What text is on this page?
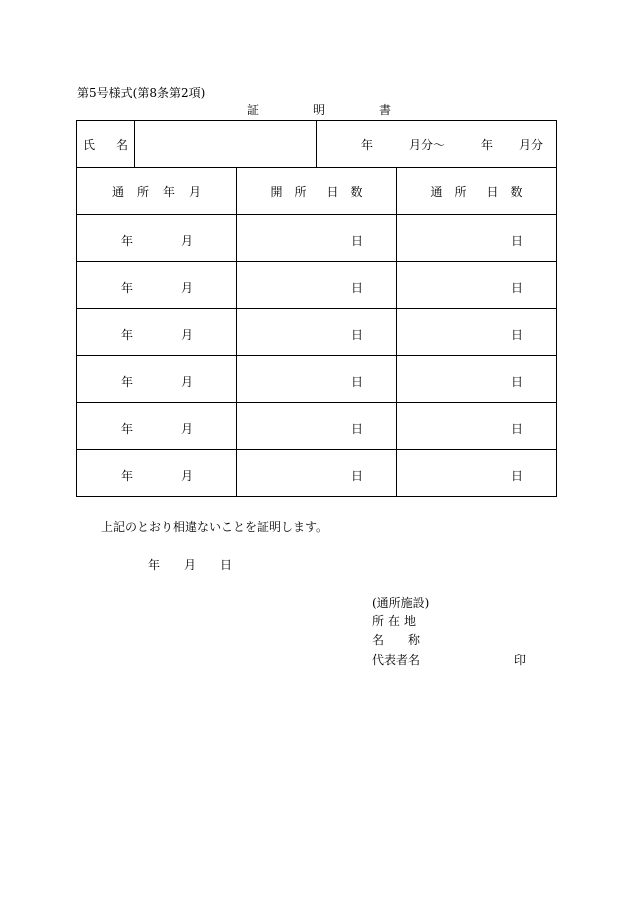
第5号様式(第8条第2項)
証	明	書
氏 名			年 月分～ 年 月分	
通 所 年 月		開 所 日 数		通 所 日 数

年 月		日		日

年 月		日		日

年 月		日		日

年 月		日		日

年 月		日		日

年 月		日		日
上記のとおり相違ないことを証明します。
年 月 日
(通所施設)
所 在 地
名 称
代表者名	印
